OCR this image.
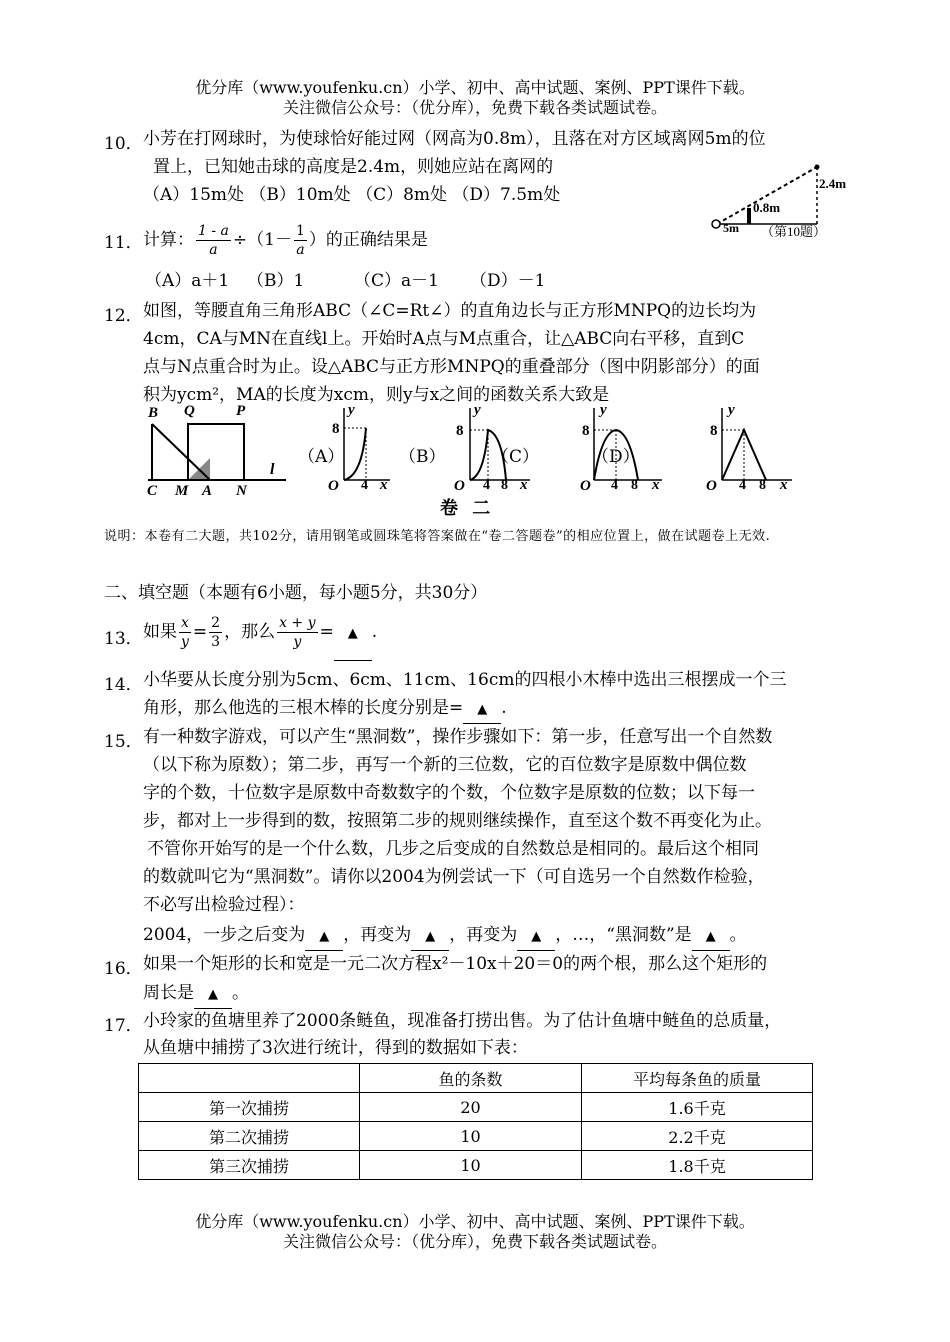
优分库（www.youfenku.cn）小学、初中、高中试题、案例、PPT课件下载。
关注微信公众号：（优分库），免费下载各类试题试卷。
10． 小芳在打网球时，为使球恰好能过网（网高为0.8m），且落在对方区域离网5m的位
置上，已知她击球的高度是2.4m，则她应站在离网的
（A）15m处 （B）10m处 （C）8m处 （D）7.5m处
2.4m
0.8m
5m （第10题）
11． 计算： $\frac{1 - a}{a} \div(1- \frac{1}{a}$ ）的正确结果是
（A）a＋1 （B）1	（C）a－1 （D）－1
12． 如图，等腰直角三角形ABC（∠C=Rt∠）的直角边长与正方形MNPQ的边长均为
4cm，CA与MN在直线l上。开始时A点与M点重合，让△ABC向右平移，直到C
点与N点重合时为止。设△ABC与正方形MNPQ的重叠部分（图中阴影部分）的面
积为ycm²，MA的长度为xcm，则y与x之间的函数关系大致是
B Q	P
C M A N
l
（A）	（B）	（C）	（D）
y
8
O 4 x
y
8
O 4 8 x
y
8
O 4 8 x
y
8
O 4 8 x
卷 二
说明：本卷有二大题，共102分，请用钢笔或圆珠笔将答案做在“卷二答题卷”的相应位置上，做在试题卷上无效.
二、填空题（本题有6小题，每小题5分，共30分）
13． 如果 $\frac{x}{y} = \frac{2}{3}$ ，那么 $\frac{x + y}{y}$ = ▲ .
14． 小华要从长度分别为5cm、6cm、11cm、16cm的四根小木棒中选出三根摆成一个三
角形，那么他选的三根木棒的长度分别是= ▲ .
15． 有一种数字游戏，可以产生“黑洞数”，操作步骤如下：第一步，任意写出一个自然数
（以下称为原数）；第二步，再写一个新的三位数，它的百位数字是原数中偶位数
字的个数，十位数字是原数中奇数数字的个数，个位数字是原数的位数；以下每一
步，都对上一步得到的数，按照第二步的规则继续操作，直至这个数不再变化为止。
不管你开始写的是一个什么数，几步之后变成的自然数总是相同的。最后这个相同
的数就叫它为“黑洞数”。请你以2004为例尝试一下（可自选另一个自然数作检验，
不必写出检验过程）：
2004，一步之后变为 ▲ ，再变为 ▲ ，再变为 ▲ ，…，“黑洞数”是 ▲ 。
16． 如果一个矩形的长和宽是一元二次方程x²－10x＋20＝0的两个根，那么这个矩形的
周长是 ▲ 。
17． 小玲家的鱼塘里养了2000条鲢鱼，现准备打捞出售。为了估计鱼塘中鲢鱼的总质量，
从鱼塘中捕捞了3次进行统计，得到的数据如下表：
	鱼的条数	平均每条鱼的质量
第一次捕捞	20	1.6千克
第二次捕捞	10	2.2千克
第三次捕捞	10	1.8千克
优分库（www.youfenku.cn）小学、初中、高中试题、案例、PPT课件下载。
关注微信公众号：（优分库），免费下载各类试题试卷。
